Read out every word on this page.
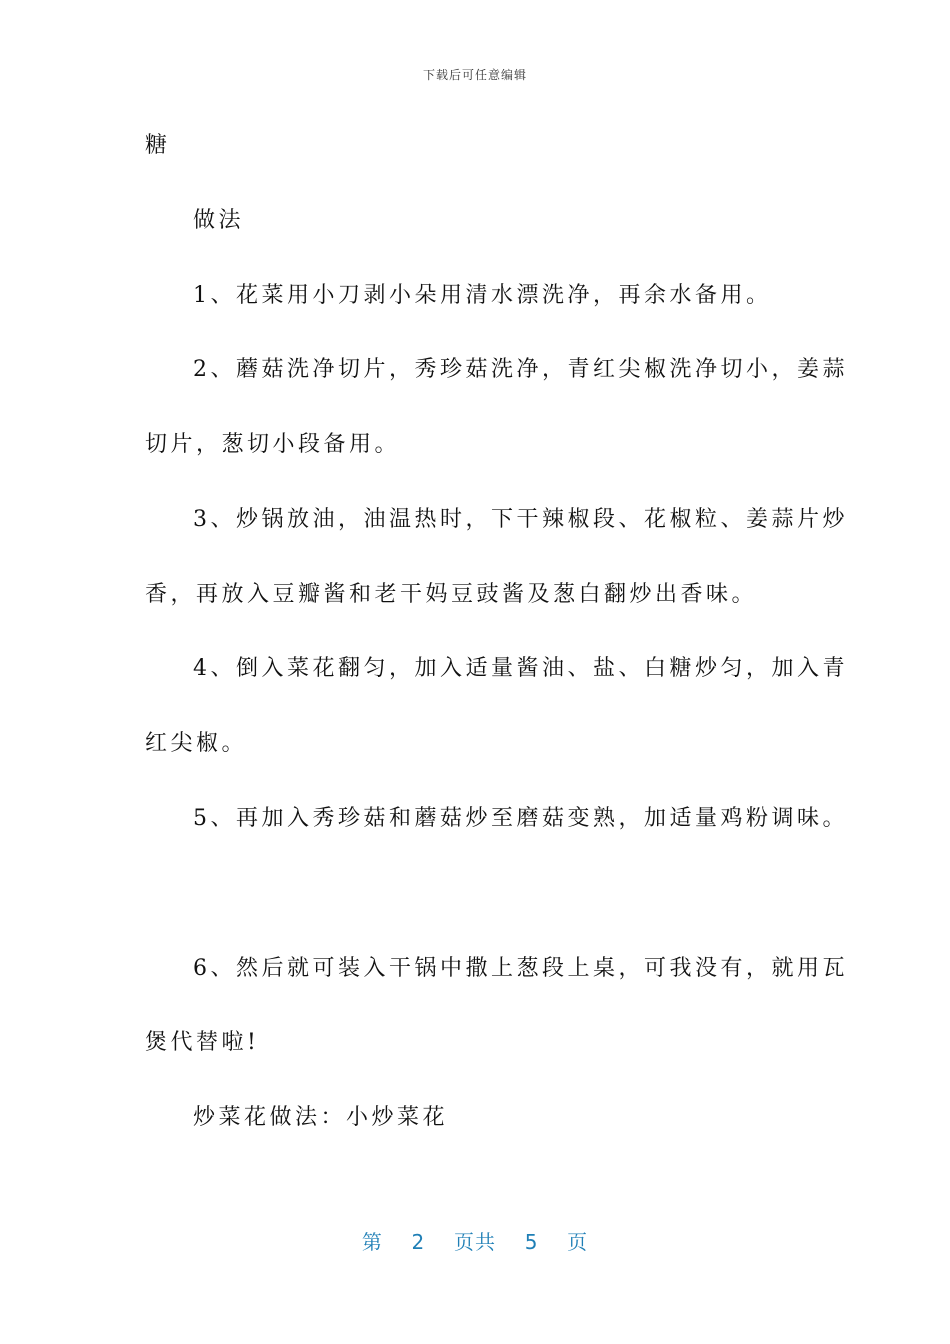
下载后可任意编辑
糖
做法
1、花菜用小刀剥小朵用清水漂洗净，再余水备用。
2、蘑菇洗净切片，秀珍菇洗净，青红尖椒洗净切小，姜蒜
切片，葱切小段备用。
3、炒锅放油，油温热时，下干辣椒段、花椒粒、姜蒜片炒
香，再放入豆瓣酱和老干妈豆豉酱及葱白翻炒出香味。
4、倒入菜花翻匀，加入适量酱油、盐、白糖炒匀，加入青
红尖椒。
5、再加入秀珍菇和蘑菇炒至磨菇变熟，加适量鸡粉调味。
6、然后就可装入干锅中撒上葱段上桌，可我没有，就用瓦
煲代替啦!
炒菜花做法：小炒菜花
第 2 页共 5 页
